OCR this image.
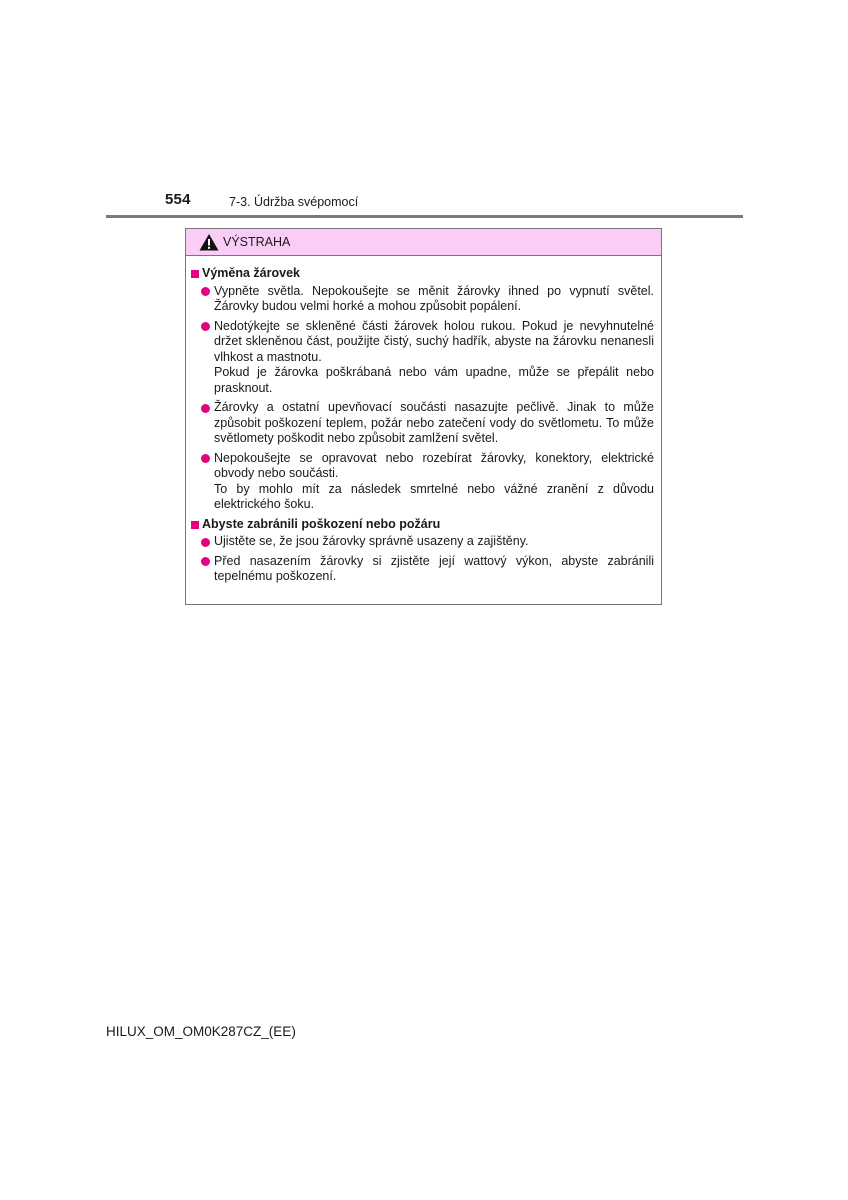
554	7-3. Údržba svépomocí
VÝSTRAHA
Výměna žárovek
Vypněte světla. Nepokoušejte se měnit žárovky ihned po vypnutí světel. Žárovky budou velmi horké a mohou způsobit popálení.
Nedotýkejte se skleněné části žárovek holou rukou. Pokud je nevyhnutelné držet skleněnou část, použijte čistý, suchý hadřík, abyste na žárovku nenanesli vlhkost a mastnotu.
Pokud je žárovka poškrábaná nebo vám upadne, může se přepálit nebo prasknout.
Žárovky a ostatní upevňovací součásti nasazujte pečlivě. Jinak to může způsobit poškození teplem, požár nebo zatečení vody do světlometu. To může světlomety poškodit nebo způsobit zamlžení světel.
Nepokoušejte se opravovat nebo rozebírat žárovky, konektory, elektrické obvody nebo součásti.
To by mohlo mít za následek smrtelné nebo vážné zranění z důvodu elektrického šoku.
Abyste zabránili poškození nebo požáru
Ujistěte se, že jsou žárovky správně usazeny a zajištěny.
Před nasazením žárovky si zjistěte její wattový výkon, abyste zabránili tepelnému poškození.
HILUX_OM_OM0K287CZ_(EE)
